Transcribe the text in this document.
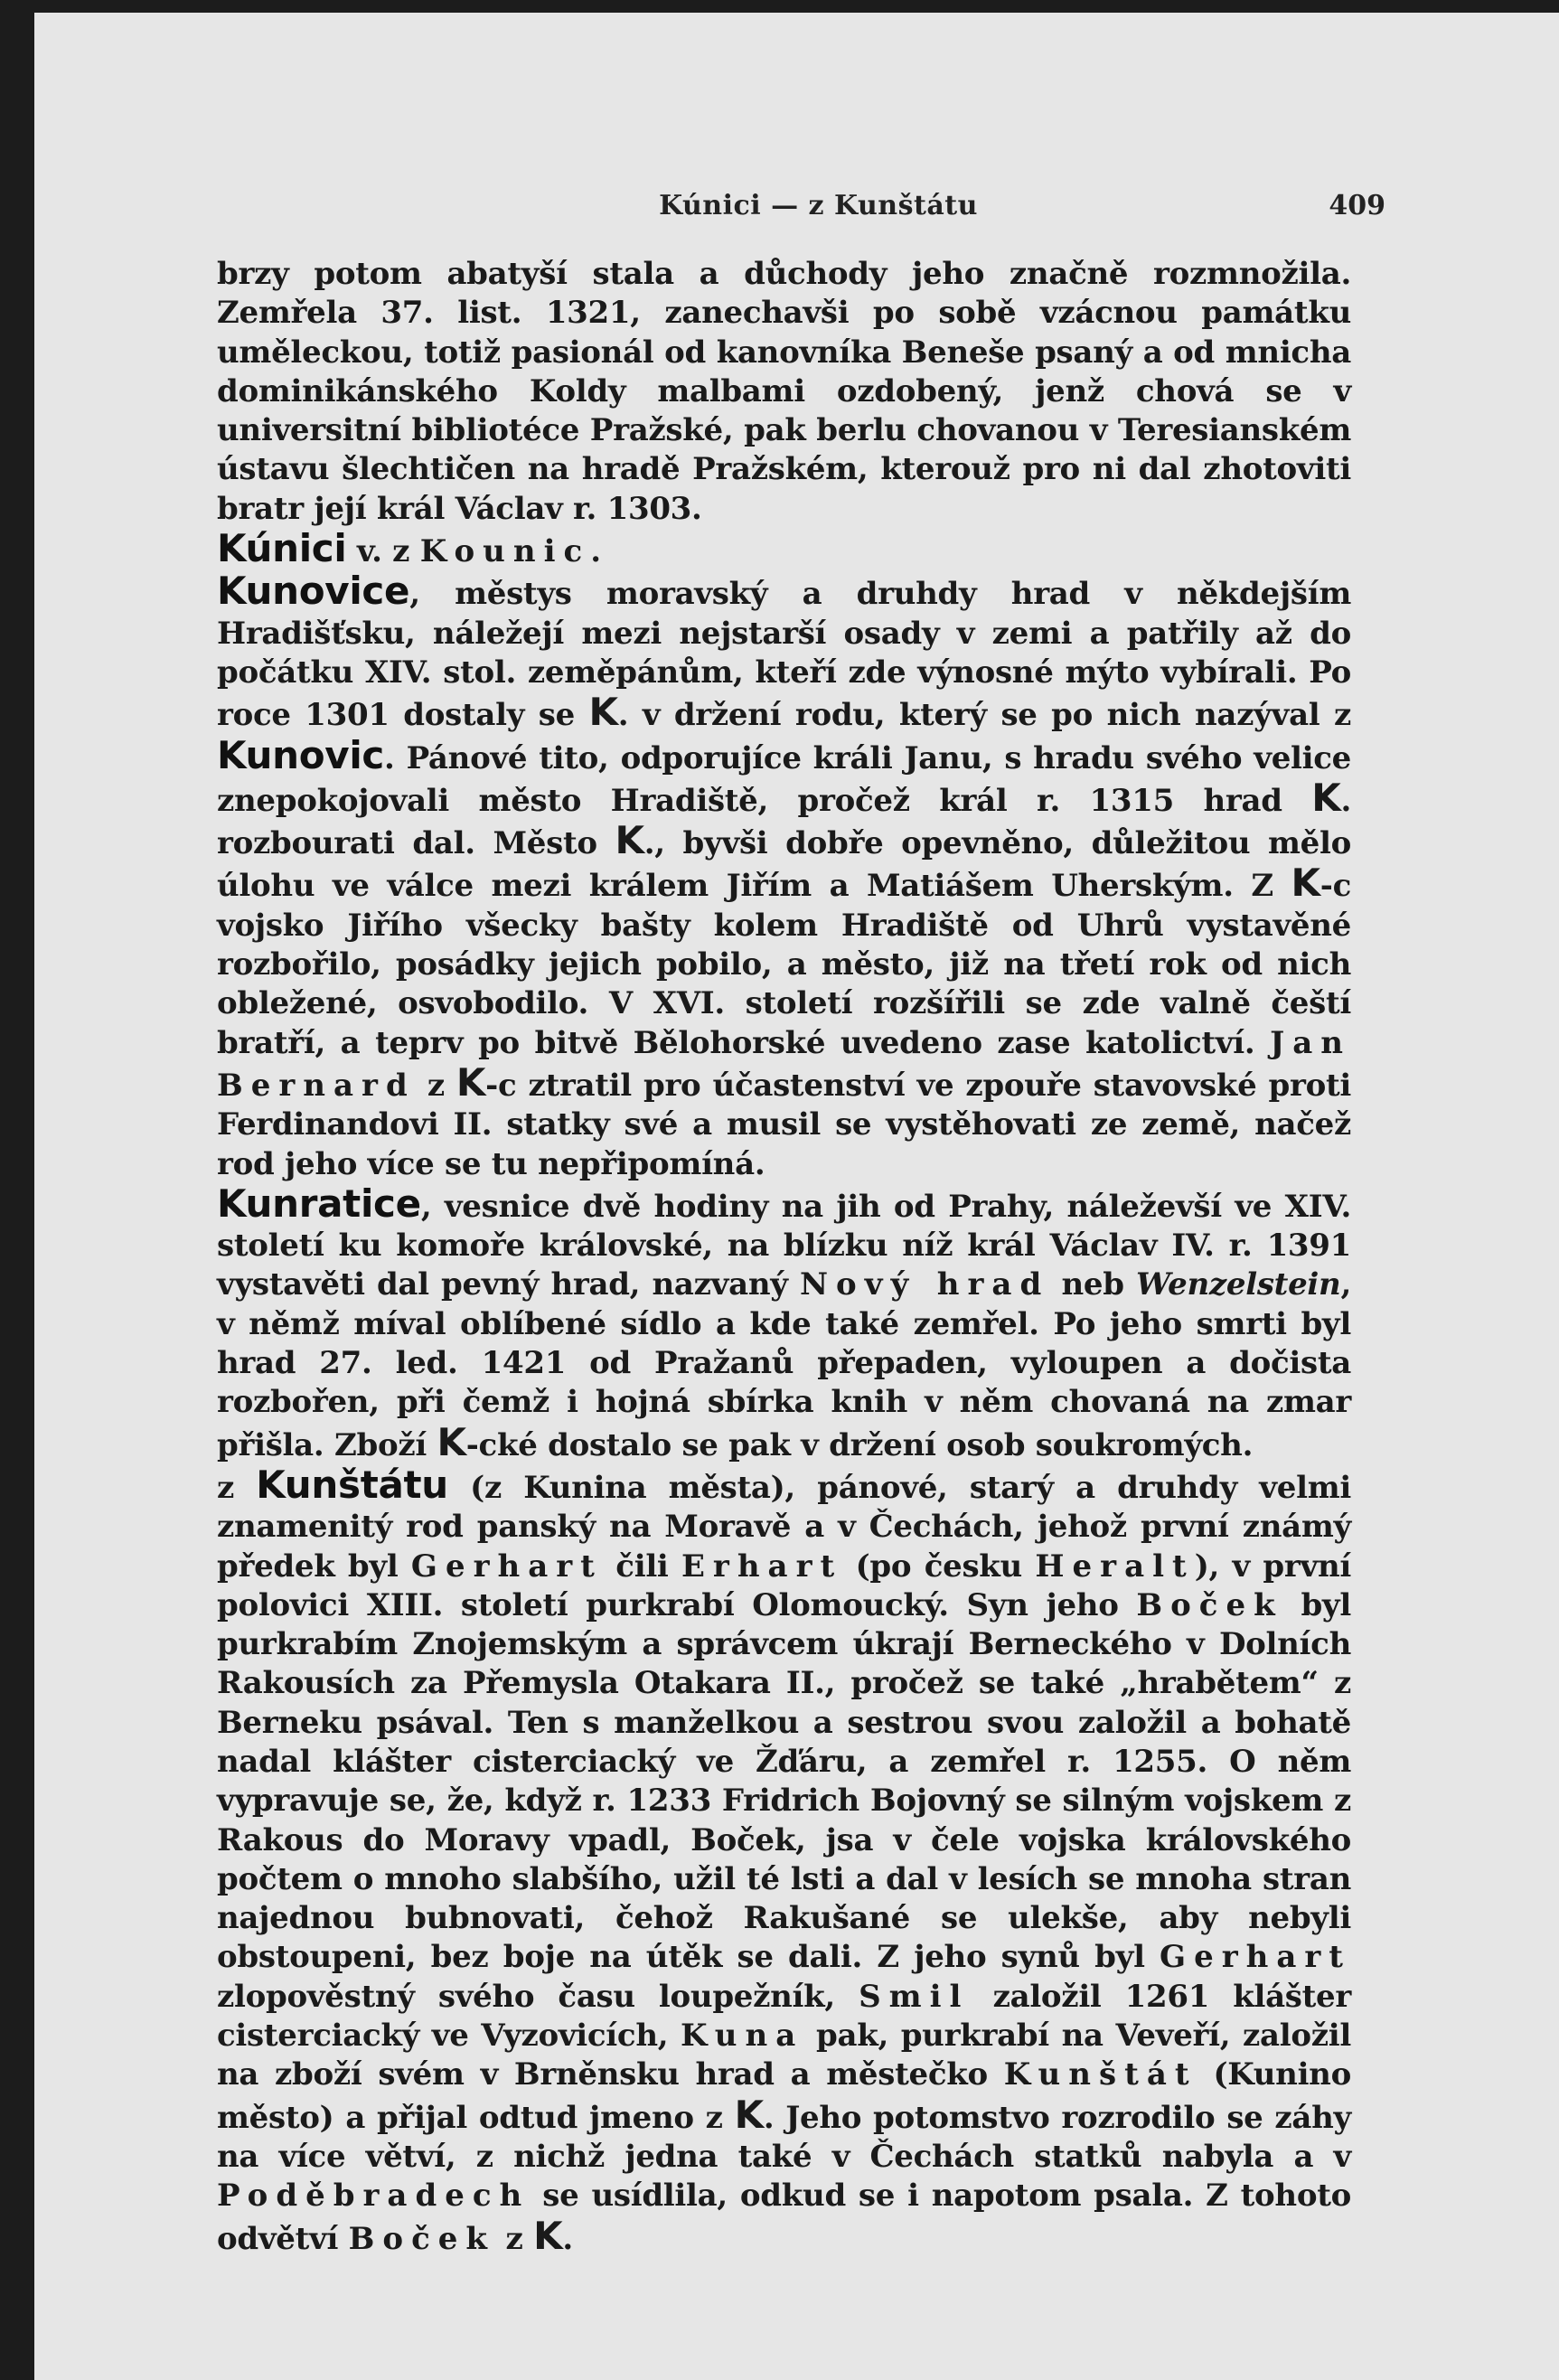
Kúnici — z Kunštátu	409

brzy potom abatyší stala a důchody jeho značně rozmnožila. Zemřela 37. list. 1321, zanechavši po sobě vzácnou památku uměleckou, totiž pasionál od kanovníka Beneše psaný a od mnicha dominikánského Koldy malbami ozdobený, jenž chová se v universitní bibliotéce Pražské, pak berlu chovanou v Teresianském ústavu šlechtičen na hradě Pražském, kterouž pro ni dal zhotoviti bratr její král Václav r. 1303.

Kúnici v. z Kounic.

Kunovice, městys moravský a druhdy hrad v někdejším Hradišťsku, náležejí mezi nejstarší osady v zemi a patřily až do počátku XIV. stol. zeměpánům, kteří zde výnosné mýto vybírali. Po roce 1301 dostaly se K. v držení rodu, který se po nich nazýval z Kunovic. Pánové tito, odporujíce králi Janu, s hradu svého velice znepokojovali město Hradiště, pročež král r. 1315 hrad K. rozbourati dal. Město K., byvši dobře opevněno, důležitou mělo úlohu ve válce mezi králem Jiřím a Matiášem Uherským. Z K-c vojsko Jiřího všecky bašty kolem Hradiště od Uhrů vystavěné rozbořilo, posádky jejich pobilo, a město, již na třetí rok od nich obležené, osvobodilo. V XVI. století rozšířili se zde valně čeští bratří, a teprv po bitvě Bělohorské uvedeno zase katolictví. Jan Bernard z K-c ztratil pro účastenství ve zpouře stavovské proti Ferdinandovi II. statky své a musil se vystěhovati ze země, načež rod jeho více se tu nepřipomíná.

Kunratice, vesnice dvě hodiny na jih od Prahy, náleževší ve XIV. století ku komoře královské, na blízku níž král Václav IV. r. 1391 vystavěti dal pevný hrad, nazvaný Nový hrad neb Wenzelstein, v němž míval oblíbené sídlo a kde také zemřel. Po jeho smrti byl hrad 27. led. 1421 od Pražanů přepaden, vyloupen a dočista rozbořen, při čemž i hojná sbírka knih v něm chovaná na zmar přišla. Zboží K-cké dostalo se pak v držení osob soukromých.

z Kunštátu (z Kunina města), pánové, starý a druhdy velmi znamenitý rod panský na Moravě a v Čechách, jehož první známý předek byl Gerhart čili Erhart (po česku Heralt), v první polovici XIII. století purkrabí Olomoucký. Syn jeho Boček byl purkrabím Znojemským a správcem úkrají Berneckého v Dolních Rakousích za Přemysla Otakara II., pročež se také „hrabětem“ z Berneku psával. Ten s manželkou a sestrou svou založil a bohatě nadal klášter cisterciacký ve Žďáru, a zemřel r. 1255. O něm vypravuje se, že, když r. 1233 Fridrich Bojovný se silným vojskem z Rakous do Moravy vpadl, Boček, jsa v čele vojska královského počtem o mnoho slabšího, užil té lsti a dal v lesích se mnoha stran najednou bubnovati, čehož Rakušané se ulekše, aby nebyli obstoupeni, bez boje na útěk se dali. Z jeho synů byl Gerhart zlopověstný svého času loupežník, Smil založil 1261 klášter cisterciacký ve Vyzovicích, Kuna pak, purkrabí na Veveří, založil na zboží svém v Brněnsku hrad a městečko Kunštát (Kunino město) a přijal odtud jmeno z K. Jeho potomstvo rozrodilo se záhy na více větví, z nichž jedna také v Čechách statků nabyla a v Poděbradech se usídlila, odkud se i napotom psala. Z tohoto odvětví Boček z K.
